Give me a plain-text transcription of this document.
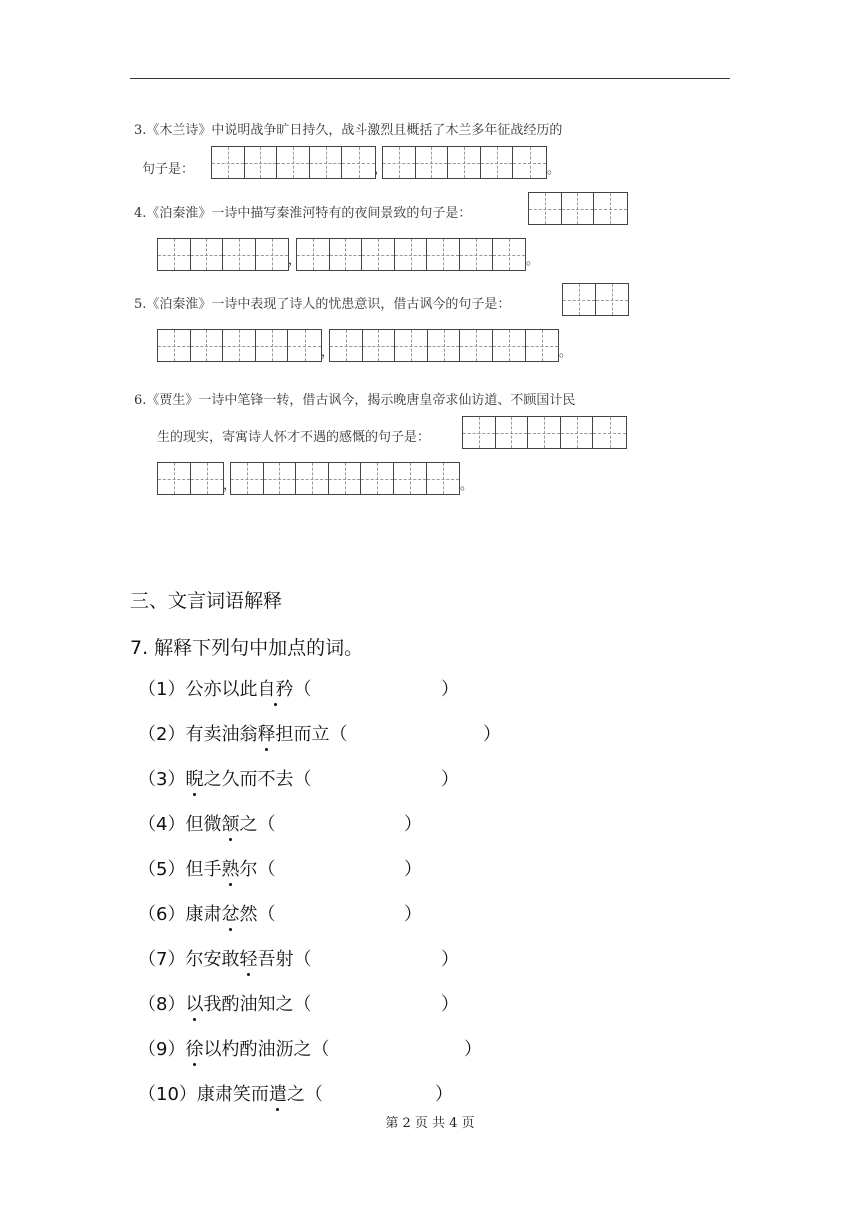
3.《木兰诗》中说明战争旷日持久，战斗激烈且概括了木兰多年征战经历的
句子是：	，	。
4.《泊秦淮》一诗中描写秦淮河特有的夜间景致的句子是：
，	。
5.《泊秦淮》一诗中表现了诗人的忧患意识，借古讽今的句子是：
，	。
6.《贾生》一诗中笔锋一转，借古讽今，揭示晚唐皇帝求仙访道、不顾国计民
生的现实，寄寓诗人怀才不遇的感慨的句子是：
，	。
三、文言词语解释
7. 解释下列句中加点的词。
（1）公亦以此自矜（	）
（2）有卖油翁释担而立（	）
（3）睨之久而不去（	）
（4）但微颔之（	）
（5）但手熟尔（	）
（6）康肃忿然（	）
（7）尔安敢轻吾射（	）
（8）以我酌油知之（	）
（9）徐以杓酌油沥之（	）
（10）康肃笑而遣之（	）
第 2 页 共 4 页
